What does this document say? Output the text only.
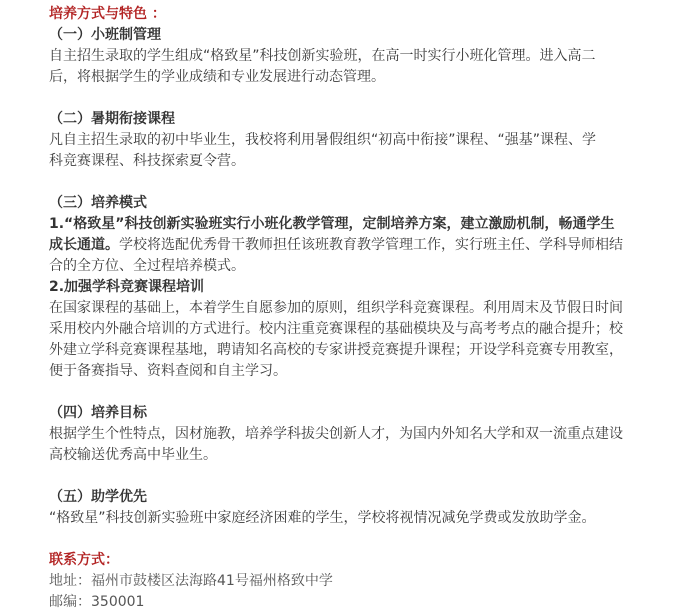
培养方式与特色 ：
（一）小班制管理
自主招生录取的学生组成“格致星”科技创新实验班，在高一时实行小班化管理。进入高二
后，将根据学生的学业成绩和专业发展进行动态管理。
（二）暑期衔接课程
凡自主招生录取的初中毕业生，我校将利用暑假组织“初高中衔接”课程、“强基”课程、学
科竞赛课程、科技探索夏令营。
（三）培养模式
1.“格致星”科技创新实验班实行小班化教学管理，定制培养方案，建立激励机制，畅通学生
成长通道。学校将选配优秀骨干教师担任该班教育教学管理工作，实行班主任、学科导师相结
合的全方位、全过程培养模式。
2.加强学科竞赛课程培训
在国家课程的基础上，本着学生自愿参加的原则，组织学科竞赛课程。利用周末及节假日时间
采用校内外融合培训的方式进行。校内注重竞赛课程的基础模块及与高考考点的融合提升；校
外建立学科竞赛课程基地，聘请知名高校的专家讲授竞赛提升课程；开设学科竞赛专用教室，
便于备赛指导、资料查阅和自主学习。
（四）培养目标
根据学生个性特点，因材施教，培养学科拔尖创新人才，为国内外知名大学和双一流重点建设
高校输送优秀高中毕业生。
（五）助学优先
“格致星”科技创新实验班中家庭经济困难的学生，学校将视情况减免学费或发放助学金。
联系方式：
地址：福州市鼓楼区法海路41号福州格致中学
邮编：350001
